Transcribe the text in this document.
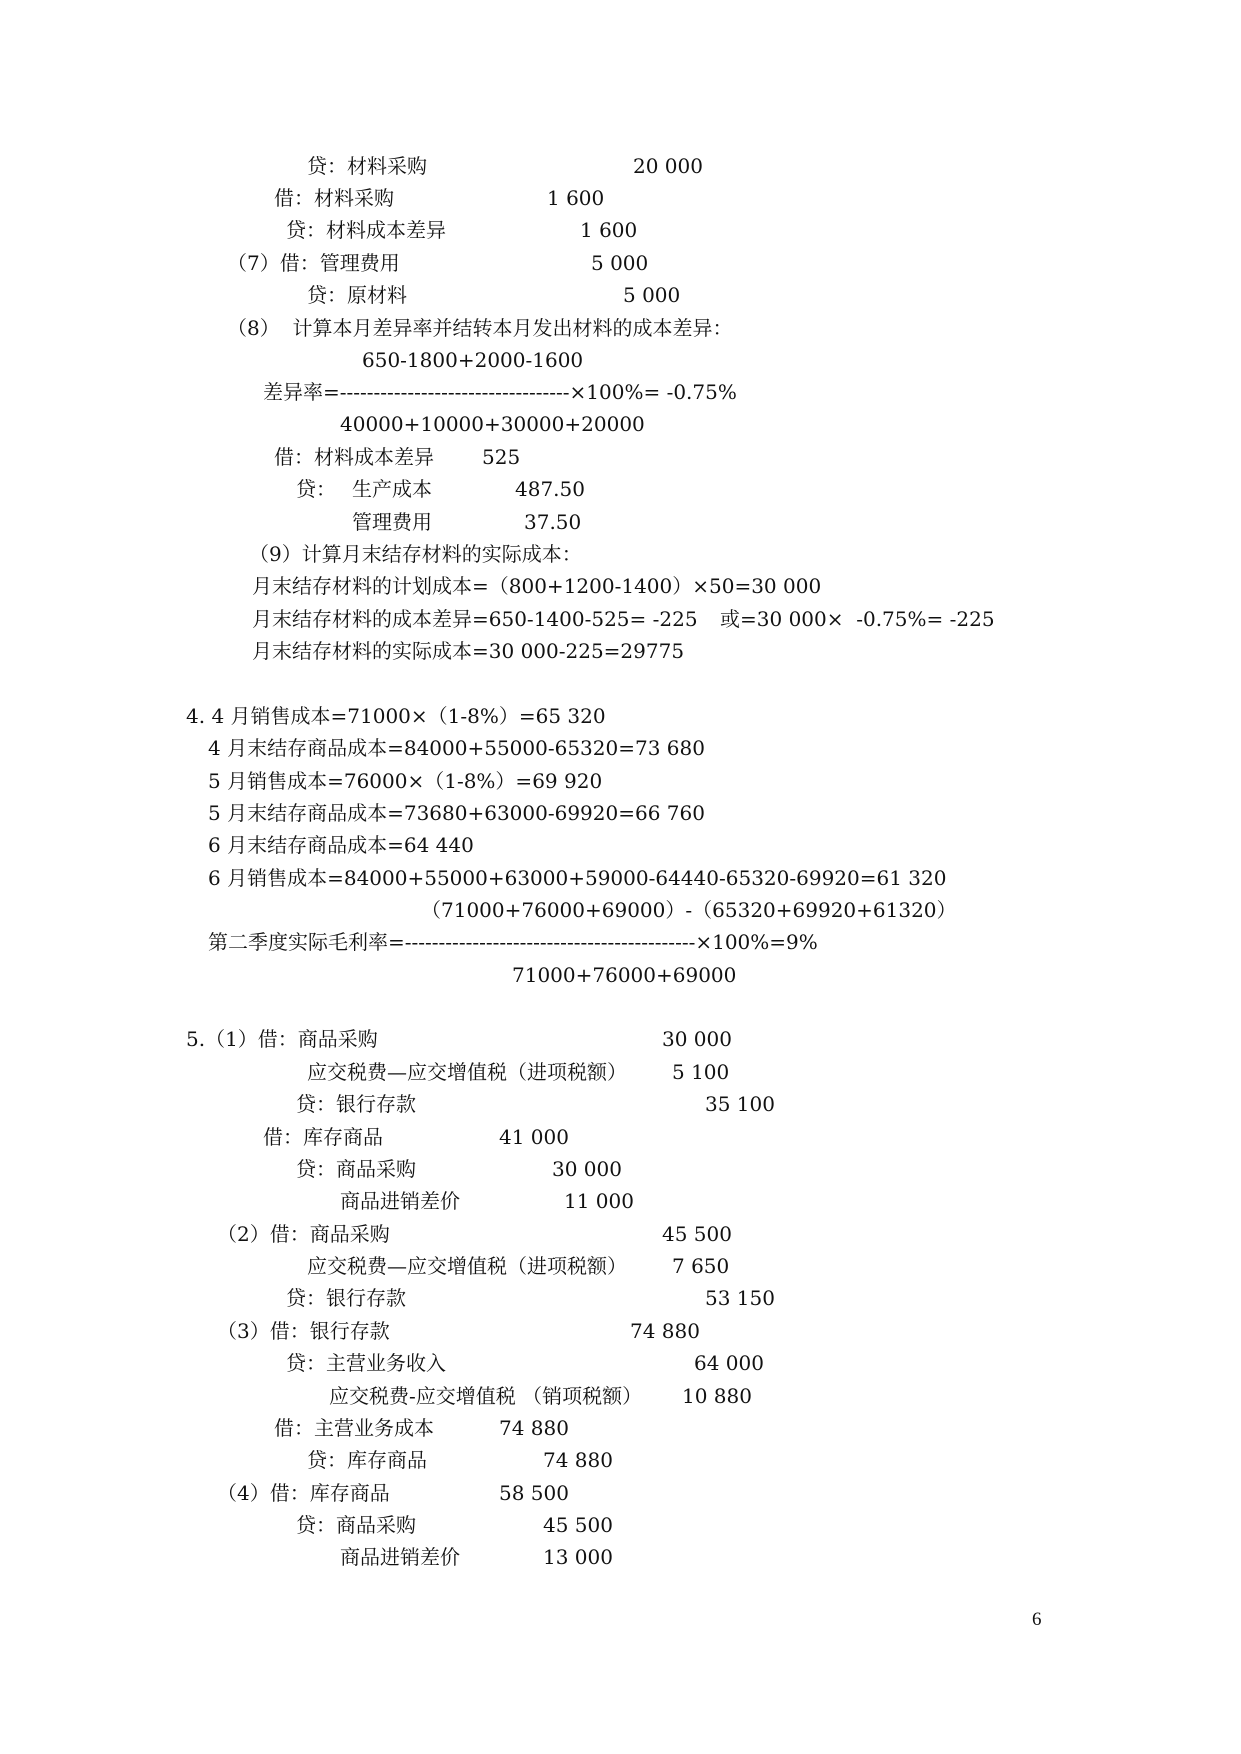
贷：材料采购	20 000
借：材料采购	1 600
贷：材料成本差异	1 600
（7）借：管理费用	5 000
贷：原材料	5 000
（8）  计算本月差异率并结转本月发出材料的成本差异：
650-1800+2000-1600
差异率=----------------------------------×100%= -0.75%
40000+10000+30000+20000
借：材料成本差异 525
贷： 生产成本	487.50
管理费用	37.50
（9）计算月末结存材料的实际成本：
月末结存材料的计划成本=（800+1200-1400）×50=30 000
月末结存材料的成本差异=650-1400-525= -225 或=30 000×  -0.75%= -225
月末结存材料的实际成本=30 000-225=29775
4. 4 月销售成本=71000×（1-8%）=65 320
4 月末结存商品成本=84000+55000-65320=73 680
5 月销售成本=76000×（1-8%）=69 920
5 月末结存商品成本=73680+63000-69920=66 760
6 月末结存商品成本=64 440
6 月销售成本=84000+55000+63000+59000-64440-65320-69920=61 320
（71000+76000+69000）-（65320+69920+61320）
第二季度实际毛利率=-------------------------------------------×100%=9%
71000+76000+69000
5.（1）借：商品采购	30 000
应交税费—应交增值税（进项税额） 5 100
贷：银行存款	35 100
借：库存商品	41 000
贷：商品采购	30 000
商品进销差价	11 000
（2）借：商品采购	45 500
应交税费—应交增值税（进项税额） 7 650
贷：银行存款	53 150
（3）借：银行存款	74 880
贷：主营业务收入	64 000
应交税费-应交增值税 （销项税额） 10 880
借：主营业务成本	74 880
贷：库存商品	74 880
（4）借：库存商品	58 500
贷：商品采购	45 500
商品进销差价	13 000
6
